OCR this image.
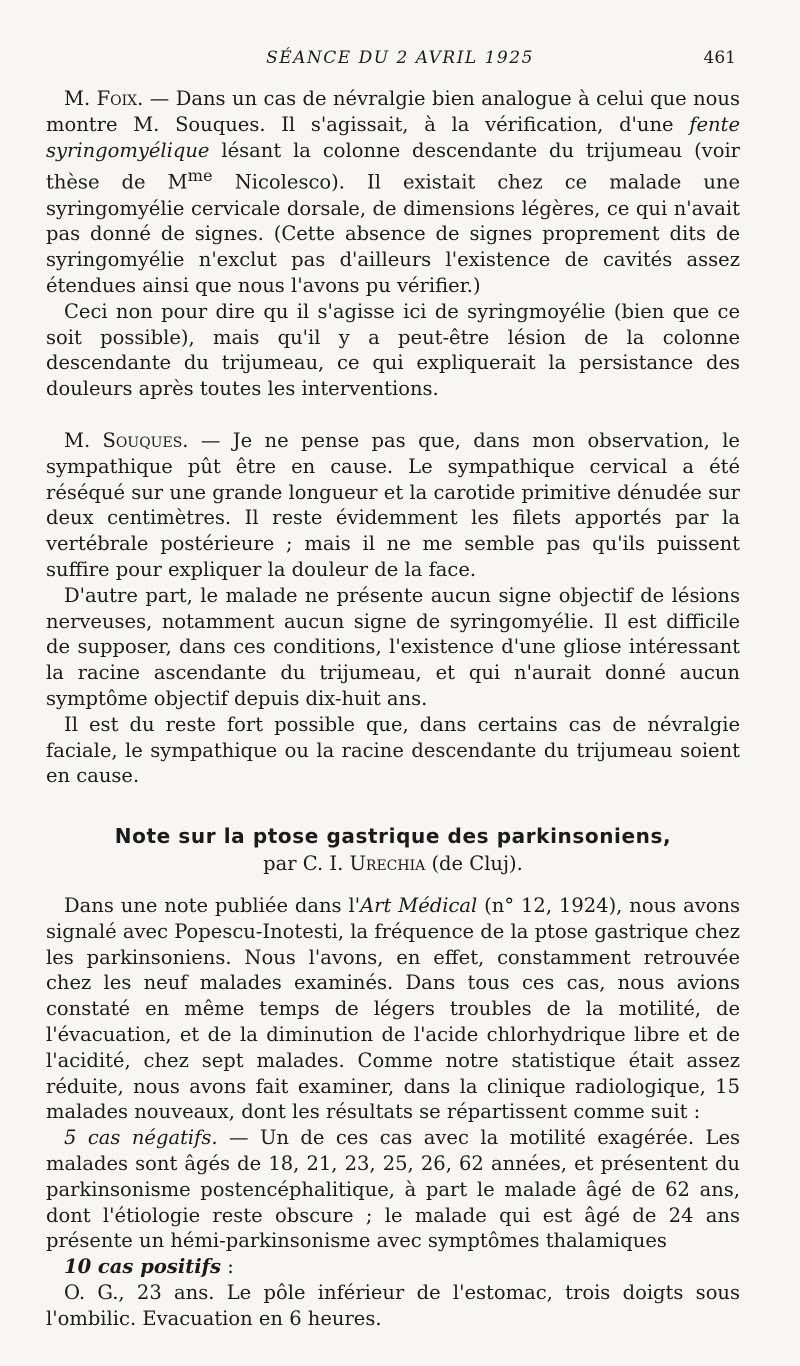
SÉANCE DU 2 AVRIL 1925	461

M. Foix. — Dans un cas de névralgie bien analogue à celui que nous montre M. Souques. Il s'agissait, à la vérification, d'une fente syringomyélique lésant la colonne descendante du trijumeau (voir thèse de $M^{me}$ Nicolesco). Il existait chez ce malade une syringomyélie cervicale dorsale, de dimensions légères, ce qui n'avait pas donné de signes. (Cette absence de signes proprement dits de syringomyélie n'exclut pas d'ailleurs l'existence de cavités assez étendues ainsi que nous l'avons pu vérifier.)

Ceci non pour dire qu il s'agisse ici de syringmoyélie (bien que ce soit possible), mais qu'il y a peut-être lésion de la colonne descendante du trijumeau, ce qui expliquerait la persistance des douleurs après toutes les interventions.

M. Souques. — Je ne pense pas que, dans mon observation, le sympathique pût être en cause. Le sympathique cervical a été réséqué sur une grande longueur et la carotide primitive dénudée sur deux centimètres. Il reste évidemment les filets apportés par la vertébrale postérieure ; mais il ne me semble pas qu'ils puissent suffire pour expliquer la douleur de la face.

D'autre part, le malade ne présente aucun signe objectif de lésions nerveuses, notamment aucun signe de syringomyélie. Il est difficile de supposer, dans ces conditions, l'existence d'une gliose intéressant la racine ascendante du trijumeau, et qui n'aurait donné aucun symptôme objectif depuis dix-huit ans.

Il est du reste fort possible que, dans certains cas de névralgie faciale, le sympathique ou la racine descendante du trijumeau soient en cause.

Note sur la ptose gastrique des parkinsoniens,
par C. I. Urechia (de Cluj).

Dans une note publiée dans l'Art Médical (n° 12, 1924), nous avons signalé avec Popescu-Inotesti, la fréquence de la ptose gastrique chez les parkinsoniens. Nous l'avons, en effet, constamment retrouvée chez les neuf malades examinés. Dans tous ces cas, nous avions constaté en même temps de légers troubles de la motilité, de l'évacuation, et de la diminution de l'acide chlorhydrique libre et de l'acidité, chez sept malades. Comme notre statistique était assez réduite, nous avons fait examiner, dans la clinique radiologique, 15 malades nouveaux, dont les résultats se répartissent comme suit :

5 cas négatifs. — Un de ces cas avec la motilité exagérée. Les malades sont âgés de 18, 21, 23, 25, 26, 62 années, et présentent du parkinsonisme postencéphalitique, à part le malade âgé de 62 ans, dont l'étiologie reste obscure ; le malade qui est âgé de 24 ans présente un hémi-parkinsonisme avec symptômes thalamiques

10 cas positifs :

O. G., 23 ans. Le pôle inférieur de l'estomac, trois doigts sous l'ombilic. Evacuation en 6 heures.
